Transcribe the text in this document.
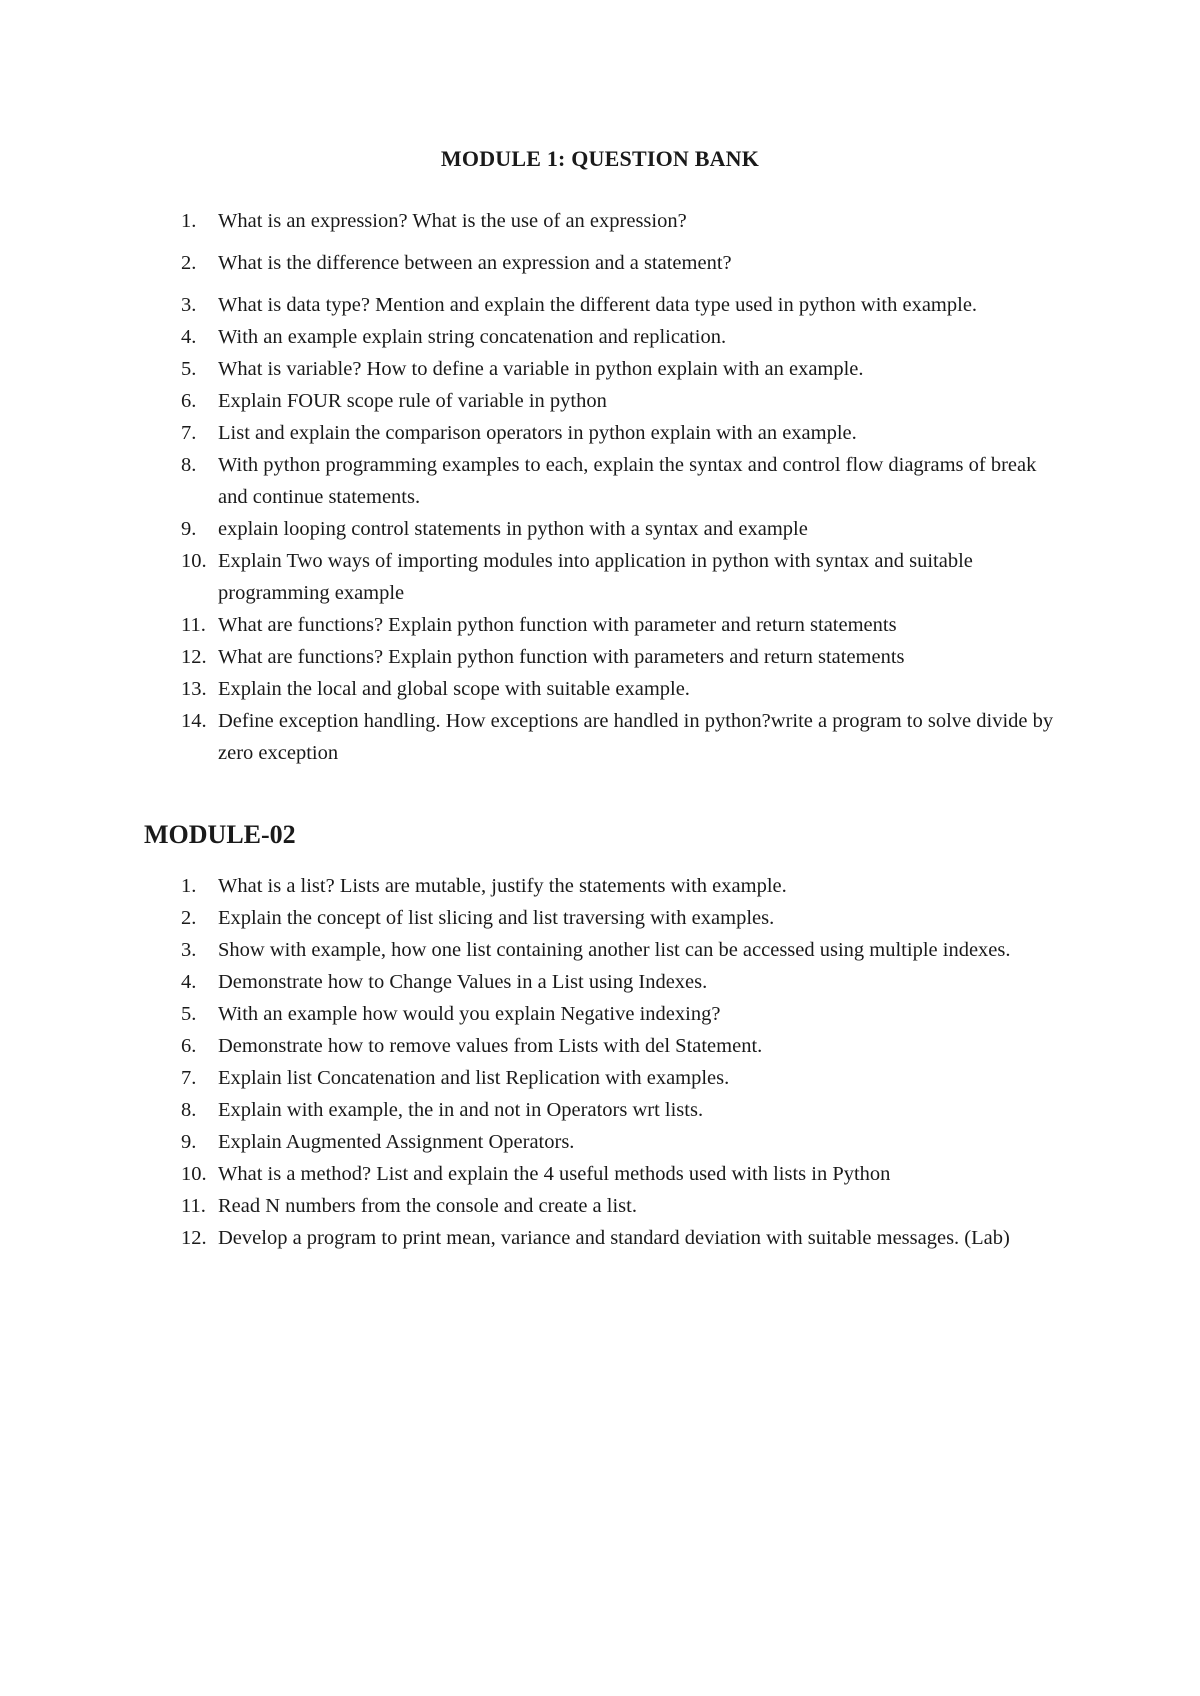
MODULE 1: QUESTION BANK
1.	What is an expression? What is the use of an expression?
2.	What is the difference between an expression and a statement?
3.	What is data type? Mention and explain the different data type used in python with example.
4.	With an example explain string concatenation and replication.
5.	What is variable? How to define a variable in python explain with an example.
6.	Explain FOUR scope rule of variable in python
7.	List and explain the comparison operators in python explain with an example.
8.	With python programming examples to each, explain the syntax and control flow diagrams of break and continue statements.
9.	explain looping control statements in python with a syntax and example
10. Explain Two ways of importing modules into application in python with syntax and suitable programming example
11. What are functions? Explain python function with parameter and return statements
12. What are functions? Explain python function with parameters and return statements
13. Explain the local and global scope with suitable example.
14. Define exception handling. How exceptions are handled in python?write a program to solve divide by zero exception
MODULE-02
1.	What is a list? Lists are mutable, justify the statements with example.
2.	Explain the concept of list slicing and list traversing with examples.
3.	Show with example, how one list containing another list can be accessed using multiple indexes.
4.	Demonstrate how to Change Values in a List using Indexes.
5.	With an example how would you explain Negative indexing?
6.	Demonstrate how to remove values from Lists with del Statement.
7.	Explain list Concatenation and list Replication with examples.
8.	Explain with example, the in and not in Operators wrt lists.
9.	Explain Augmented Assignment Operators.
10. What is a method? List and explain the 4 useful methods used with lists in Python
11. Read N numbers from the console and create a list.
12. Develop a program to print mean, variance and standard deviation with suitable messages. (Lab)
